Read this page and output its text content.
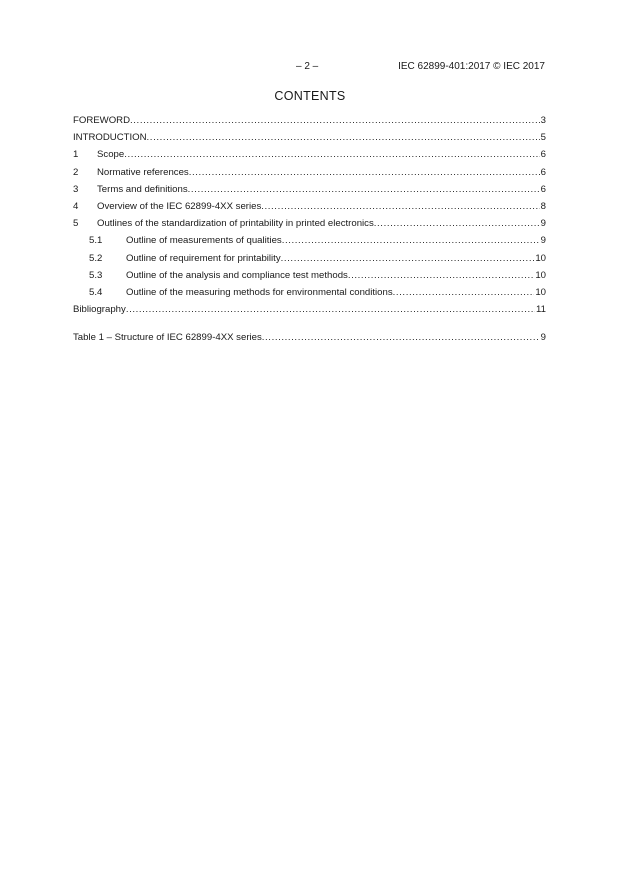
– 2 –	IEC 62899-401:2017 © IEC 2017
CONTENTS
FOREWORD .....	3
INTRODUCTION .....	5
1	Scope .....	6
2	Normative references .....	6
3	Terms and definitions .....	6
4	Overview of the IEC 62899-4XX series .....	8
5	Outlines of the standardization of printability in printed electronics .....	9
5.1	Outline of measurements of qualities .....	9
5.2	Outline of requirement for printability .....	10
5.3	Outline of the analysis and compliance test methods .....	10
5.4	Outline of the measuring methods for environmental conditions .....	10
Bibliography .....	11
Table 1 – Structure of IEC 62899-4XX series .....	9
